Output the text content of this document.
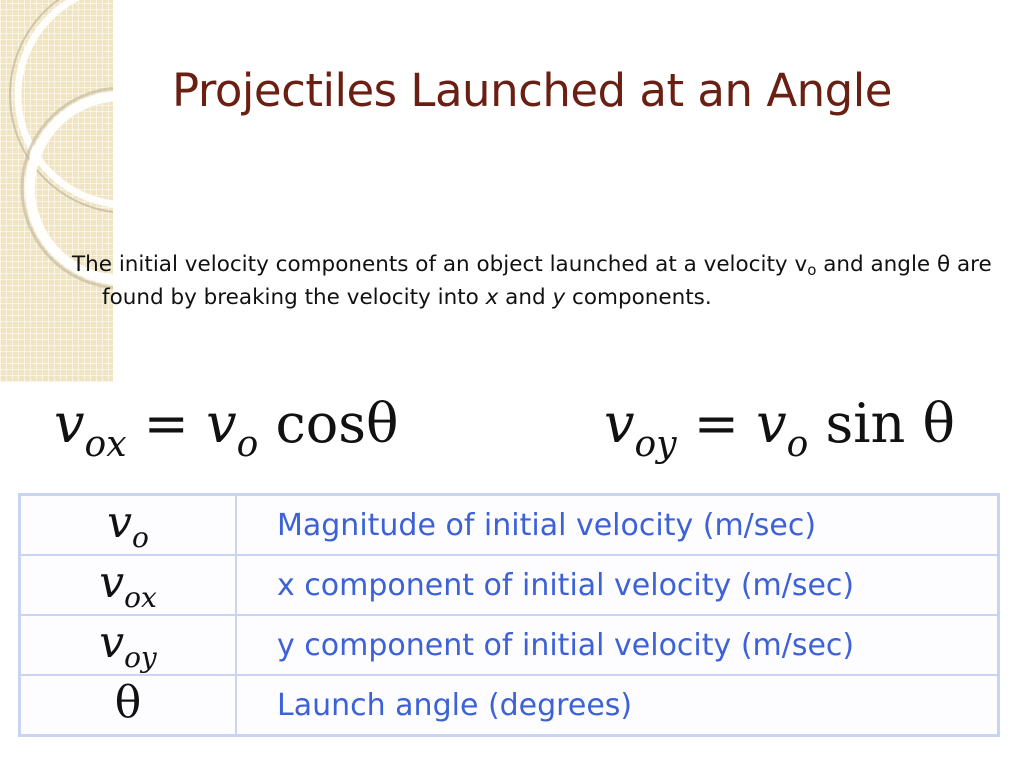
Projectiles Launched at an Angle

The initial velocity components of an object launched at a velocity $v_o$ and angle θ are found by breaking the velocity into x and y components.

$v_{ox} = v_o$ cosθ	$v_{oy} = v_o$ sin θ
$v_o$	Magnitude of initial velocity (m/sec)
$v_{ox}$	x component of initial velocity (m/sec)
$v_{oy}$	y component of initial velocity (m/sec)
θ	Launch angle (degrees)
